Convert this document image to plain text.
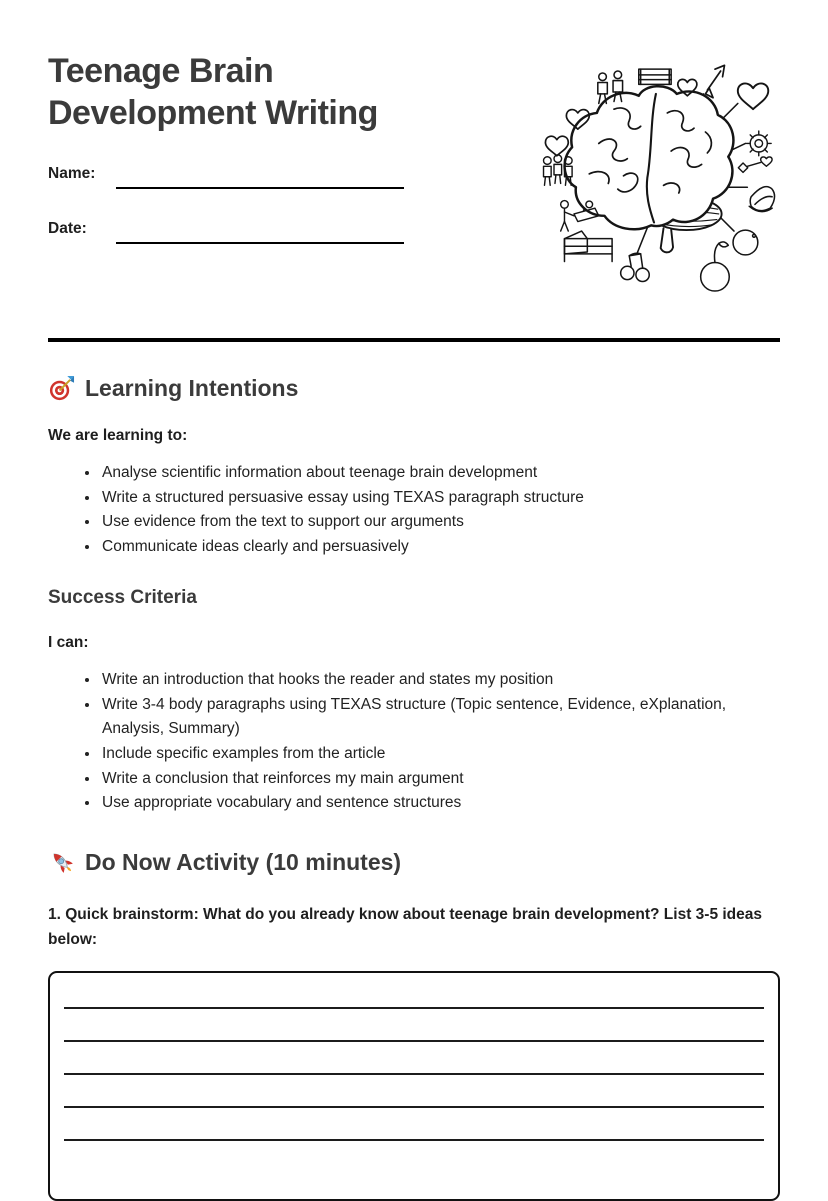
Teenage Brain Development Writing
Name:
Date:
Learning Intentions

We are learning to:

• Analyse scientific information about teenage brain development
• Write a structured persuasive essay using TEXAS paragraph structure
• Use evidence from the text to support our arguments
• Communicate ideas clearly and persuasively
Success Criteria

I can:

• Write an introduction that hooks the reader and states my position
• Write 3-4 body paragraphs using TEXAS structure (Topic sentence, Evidence, eXplanation, Analysis, Summary)
• Include specific examples from the article
• Write a conclusion that reinforces my main argument
• Use appropriate vocabulary and sentence structures
Do Now Activity (10 minutes)

1. Quick brainstorm: What do you already know about teenage brain development? List 3-5 ideas below:
